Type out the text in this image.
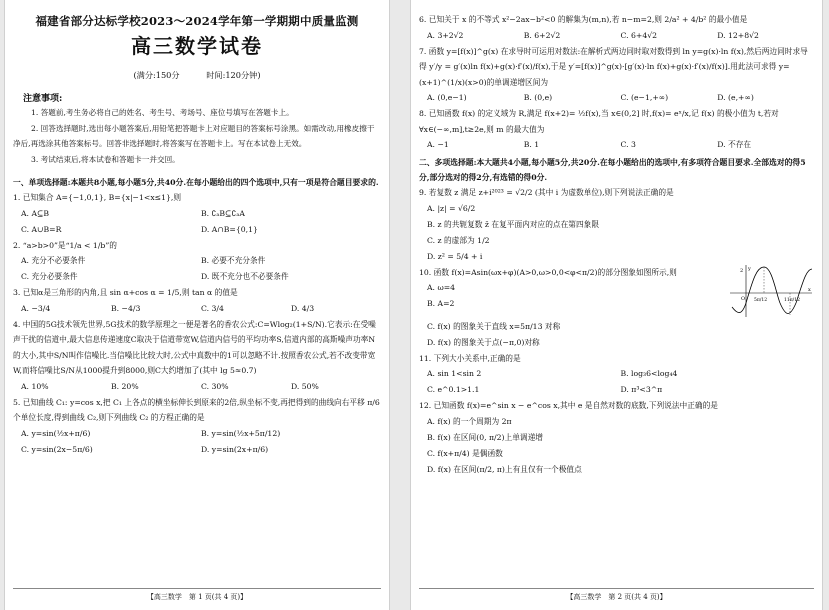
福建省部分达标学校2023～2024学年第一学期期中质量监测
高三数学试卷
(满分:150分	时间:120分钟)
注意事项:
1. 答题前,考生务必将自己的姓名、考生号、考场号、座位号填写在答题卡上。
2. 回答选择题时,选出每小题答案后,用铅笔把答题卡上对应题目的答案标号涂黑。如需改动,用橡皮擦干净后,再选涂其他答案标号。回答非选择题时,将答案写在答题卡上。写在本试卷上无效。
3. 考试结束后,将本试卷和答题卡一并交回。
一、单项选择题:本题共8小题,每小题5分,共40分.在每小题给出的四个选项中,只有一项是符合题目要求的.
1. 已知集合 A={−1,0,1}, B={x|−1<x≤1},则
A. A⊆B	B. ∁ₐB⊆∁ₐA
C. A∪B=R	D. A∩B={0,1}
2. “a>b>0”是“1/a < 1/b”的
A. 充分不必要条件	B. 必要不充分条件
C. 充分必要条件	D. 既不充分也不必要条件
3. 已知α是三角形的内角,且 sin α+cos α = 1/5,则 tan α 的值是
A. −3/4	B. −4/3	C. 3/4	D. 4/3
4. 中国的5G技术领先世界,5G技术的数学原理之一便是著名的香农公式:C=Wlog₂(1+S/N).它表示:在受噪声干扰的信道中,最大信息传递速度C取决于信道带宽W,信道内信号的平均功率S,信道内部的高斯噪声功率N的大小,其中S/N叫作信噪比.当信噪比比较大时,公式中真数中的1可以忽略不计.按照香农公式,若不改变带宽W,而将信噪比S/N从1000提升到8000,则C大约增加了(其中 lg 5≈0.7)
A. 10%	B. 20%	C. 30%	D. 50%
5. 已知曲线 C₁: y=cos x,把 C₁ 上各点的横坐标伸长到原来的2倍,纵坐标不变,再把得到的曲线向右平移 π/6 个单位长度,得到曲线 C₂,则下列曲线 C₂ 的方程正确的是
A. y=sin(½x+π/6)	B. y=sin(½x+5π/12)
C. y=sin(2x−5π/6)	D. y=sin(2x+π/6)
【高三数学　第 1 页(共 4 页)】
6. 已知关于 x 的不等式 x²−2ax−b²<0 的解集为(m,n),若 n−m=2,则 2/a² + 4/b² 的最小值是
A. 3+2√2	B. 6+2√2	C. 6+4√2	D. 12+8√2
7. 函数 y=[f(x)]^g(x) 在求导时可运用对数法:在解析式两边同时取对数得到 ln y=g(x)·ln f(x),然后两边同时求导得 y′/y = g′(x)ln f(x)+g(x)·f′(x)/f(x),于是 y′=[f(x)]^g(x)·[g′(x)·ln f(x)+g(x)·f′(x)/f(x)].用此法可求得 y=(x+1)^(1/x)(x>0)的单调递增区间为
A. (0,e−1)	B. (0,e)	C. (e−1,+∞)	D. (e,+∞)
8. 已知函数 f(x) 的定义域为 R,满足 f(x+2)= ½f(x),当 x∈(0,2] 时,f(x)= eˣ/x,记 f(x) 的极小值为 t,若对 ∀x∈(−∞,m],t≥2e,则 m 的最大值为
A. −1	B. 1	C. 3	D. 不存在
二、多项选择题:本大题共4小题,每小题5分,共20分.在每小题给出的选项中,有多项符合题目要求.全部选对的得5分,部分选对的得2分,有选错的得0分.
9. 若复数 z 满足 z+i²⁰²³ = √2/2 (其中 i 为虚数单位),则下列说法正确的是
A. |z| = √6/2
B. z 的共轭复数 z̄ 在复平面内对应的点在第四象限
C. z 的虚部为 1/2
D. z² = 5/4 + i
10. 函数 f(x)=Asin(ωx+φ)(A>0,ω>0,0<φ<π/2)的部分图象如图所示,则
A. ω=4
B. A=2
O
x
y
2
5π/12	11π/12
C. f(x) 的图象关于直线 x=5π/13 对称
D. f(x) 的图象关于点(−π,0)对称
11. 下列大小关系中,正确的是
A. sin 1<sin 2	B. log₃6<log₄4
C. e^0.1>1.1	D. π³<3^π
12. 已知函数 f(x)=e^sin x − e^cos x,其中 e 是自然对数的底数,下列说法中正确的是
A. f(x) 的一个周期为 2π
B. f(x) 在区间(0, π/2)上单调递增
C. f(x+π/4) 是偶函数
D. f(x) 在区间(π/2, π)上有且仅有一个极值点
【高三数学　第 2 页(共 4 页)】
